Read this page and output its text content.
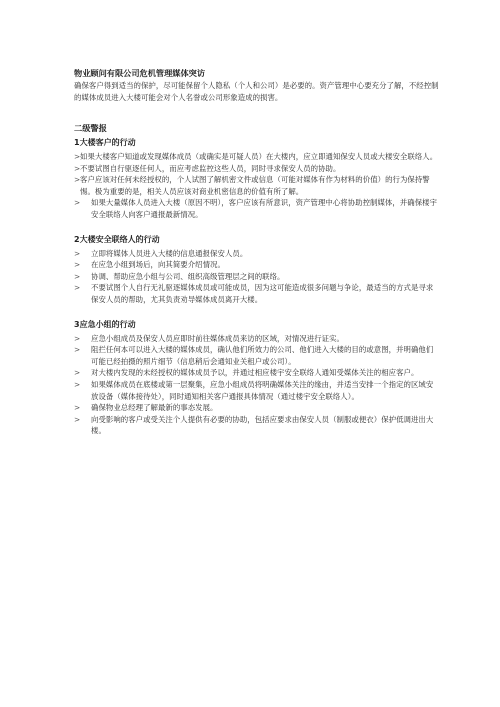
物业顾问有限公司危机管理媒体突访

确保客户得到适当的保护，尽可能保留个人隐私（个人和公司）是必要的。资产管理中心要充分了解，不经控制的媒体成员进入大楼可能会对个人名誉或公司形象造成的损害。

二级警报
1大楼客户的行动
> 如果大楼客户知道或发现媒体成员（或确实是可疑人员）在大楼内，应立即通知保安人员或大楼安全联络人。
> 不要试图自行驱逐任何人，而应考虑监控这些人员，同时寻求保安人员的协助。
> 客户应该对任何未经授权的，个人试图了解机密文件或信息（可能对媒体有作为材料的价值）的行为保持警惕。极为重要的是，相关人员应该对商业机密信息的价值有所了解。
>	如果大量媒体人员进入大楼（原因不明），客户应该有所意识，资产管理中心将协助控制媒体，并确保楼宇安全联络人向客户通报最新情况。
2大楼安全联络人的行动
>	立即将媒体人员进入大楼的信息通报保安人员。
>	在应急小组到场后，向其简要介绍情况。
>	协调、帮助应急小组与公司、组织高级管理层之间的联络。
>	不要试图个人自行无礼驱逐媒体成员或可能成员，因为这可能造成很多问题与争论，最适当的方式是寻求保安人员的帮助，尤其负责劝导媒体成员离开大楼。
3应急小组的行动
>	应急小组成员及保安人员应即时前往媒体成员来访的区域，对情况进行证实。
>	阻拦任何本可以进入大楼的媒体成员，确认他们所效力的公司、他们进入大楼的目的或意图，并明确他们可能已经拍摄的照片细节（信息稍后会通知业关租户或公司）。
>	对大楼内发现的未经授权的媒体成员予以，并通过相应楼宇安全联络人通知受媒体关注的相应客户。
>	如果媒体成员在底楼或第一层聚集，应急小组成员将明确媒体关注的缘由，并适当安排一个指定的区域安放设备（媒体接待处），同时通知相关客户通报具体情况（通过楼宇安全联络人）。
>	确保物业总经理了解最新的事态发展。
>	向受影响的客户或受关注个人提供有必要的协助，包括应要求由保安人员（制服或便衣）保护低调进出大楼。
